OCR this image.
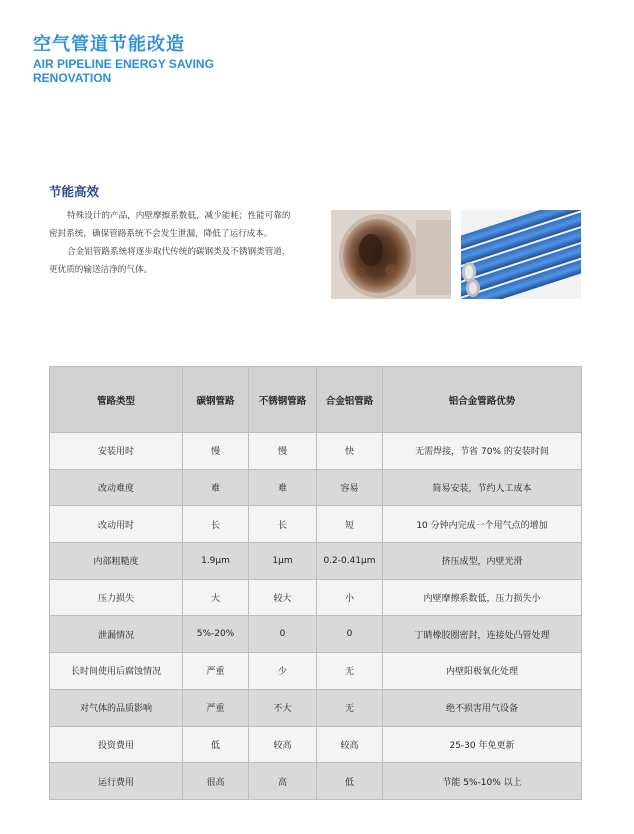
空气管道节能改造
AIR PIPELINE ENERGY SAVING RENOVATION
节能高效
特殊设计的产品，内壁摩擦系数低，减少能耗；性能可靠的密封系统，确保管路系统不会发生泄漏，降低了运行成本。
合金铝管路系统将逐步取代传统的碳钢类及不锈钢类管道，更优质的输送洁净的气体。
管路类型	碳钢管路	不锈钢管路	合金铝管路	铝合金管路优势
安装用时	慢	慢	快	无需焊接，节省 70% 的安装时间
改动难度	难	难	容易	简易安装，节约人工成本
改动用时	长	长	短	10 分钟内完成一个用气点的增加
内部粗糙度	1.9μm	1μm	0.2-0.41μm	挤压成型，内壁光滑
压力损失	大	较大	小	内壁摩擦系数低，压力损失小
泄漏情况	5%-20%	0	0	丁睛橡胶圈密封，连接处凸管处理
长时间使用后腐蚀情况	严重	少	无	内壁阳极氧化处理
对气体的品质影响	严重	不大	无	绝不损害用气设备
投资费用	低	较高	较高	25-30 年免更新
运行费用	很高	高	低	节能 5%-10% 以上
